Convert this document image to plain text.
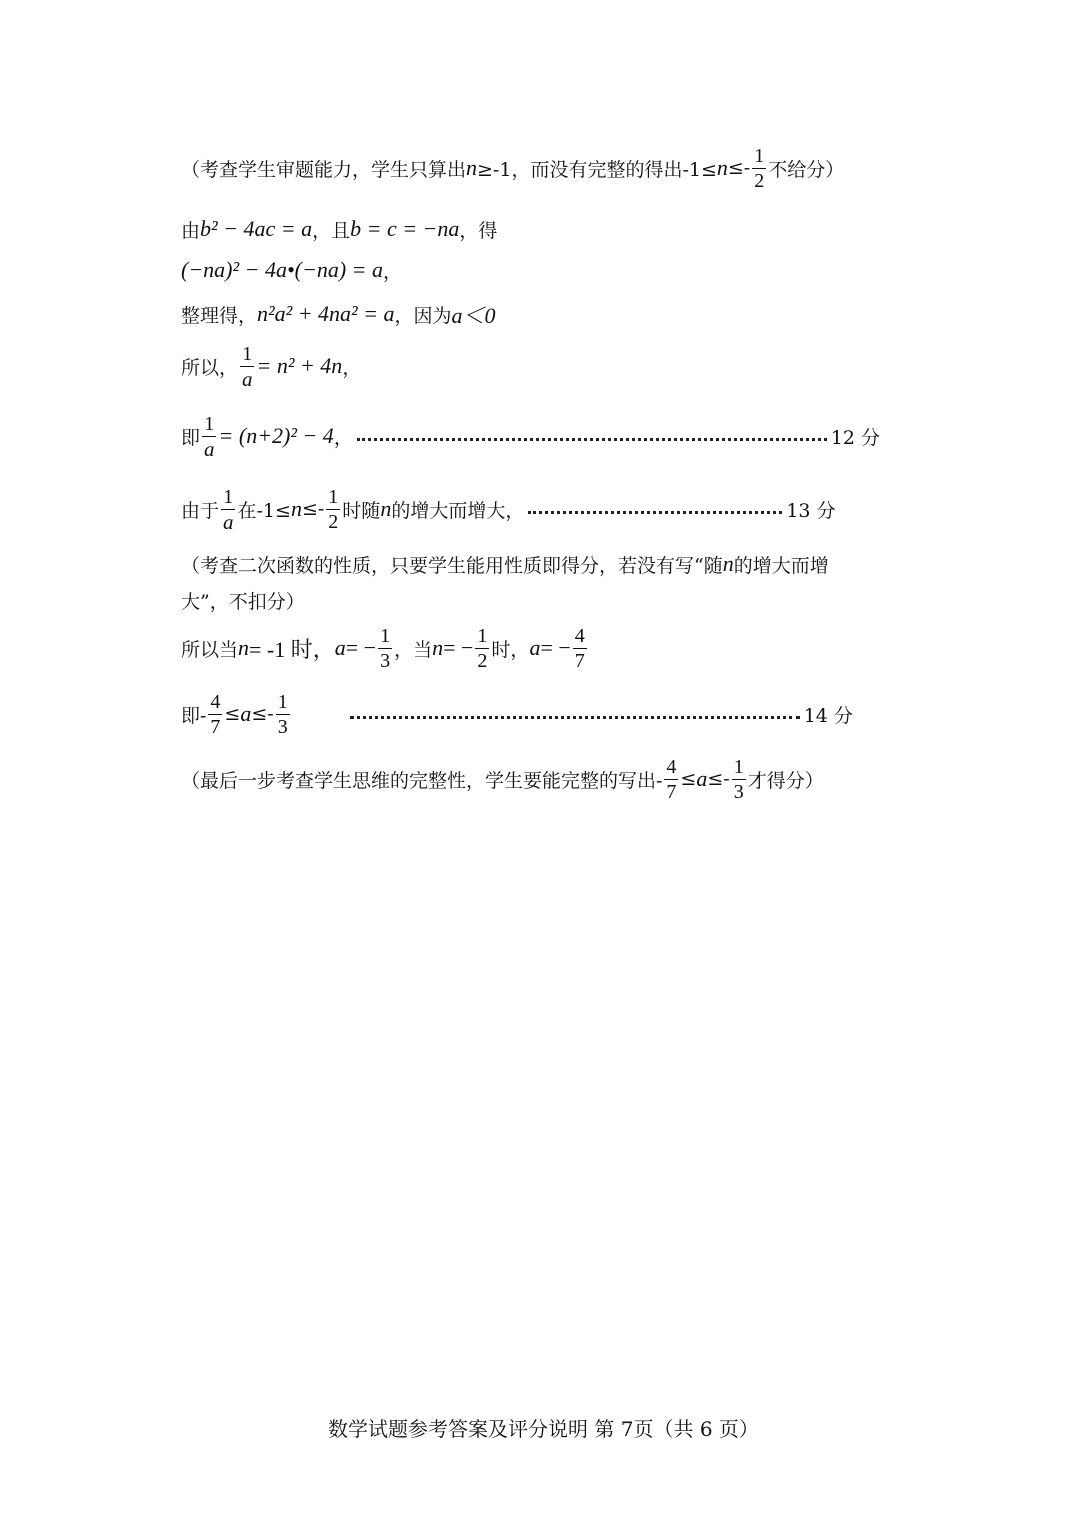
（考查学生审题能力，学生只算出 n ≥-1，而没有完整的得出$-1\le n \le- \frac{1}{2}$ 不给分）
由 b² − 4ac = a ，且 b = c = −na ，得
(−na)² − 4a•(−na) = a ，
整理得， n²a² + 4na² = a ，因为 a＜0
所以， $\frac{1}{a} = n^2 + 4n$ ，
即 $\frac{1}{a} = (n+2)^2 - 4$ ，	12 分
由于 $\frac{1}{a}$ 在$-1\le n \le- \frac{1}{2}$ 时随 n 的增大而增大，	13 分
（考查二次函数的性质，只要学生能用性质即得分，若没有写“随 n 的增大而增
大”，不扣分）
所以当 n = -1 时， a = − $\frac{1}{3}$ ，当 n = − $\frac{1}{2}$ 时， a = − $\frac{4}{7}$
即- $\frac{4}{7} \le a \le- \frac{1}{3}$	14 分
（最后一步考查学生思维的完整性，学生要能完整的写出- $\frac{4}{7} \le a \le- \frac{1}{3}$ 才得分）
数学试题参考答案及评分说明 第 7页（共 6 页）
